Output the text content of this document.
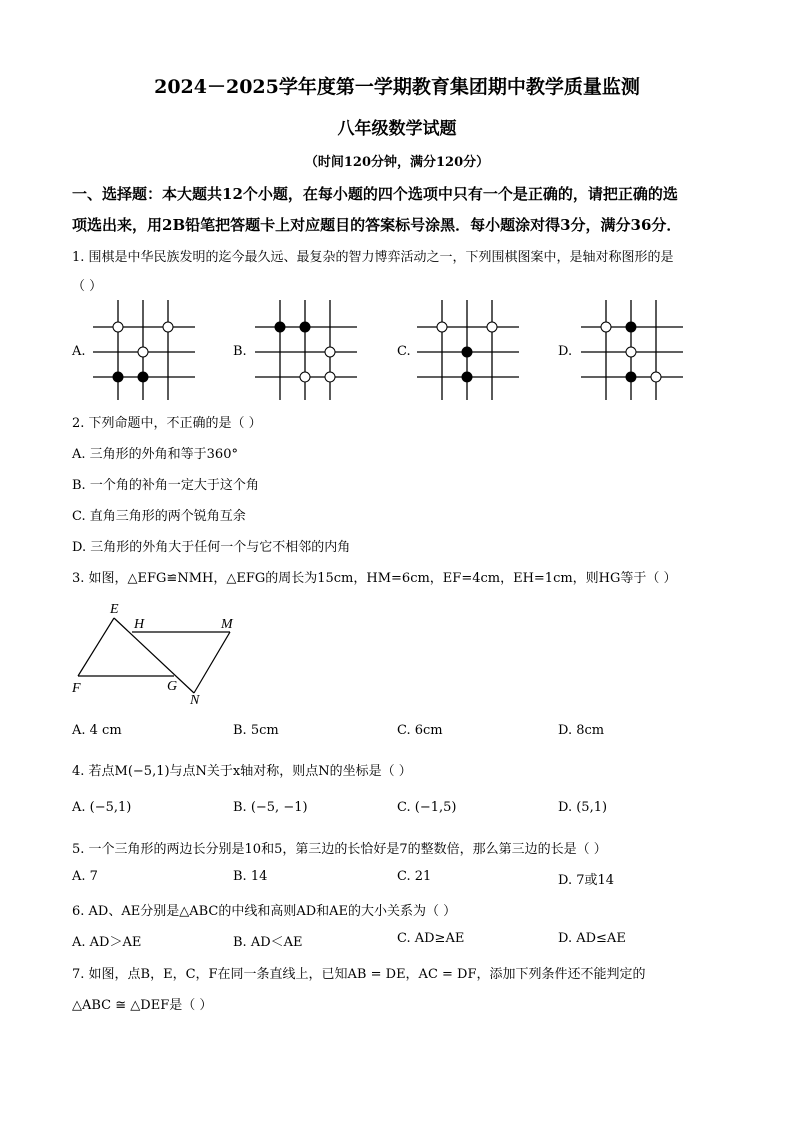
2024－2025学年度第一学期教育集团期中教学质量监测
八年级数学试题
（时间120分钟，满分120分）
一、选择题：本大题共12个小题，在每小题的四个选项中只有一个是正确的，请把正确的选
项选出来，用2B铅笔把答题卡上对应题目的答案标号涂黑．每小题涂对得3分，满分36分．
1. 围棋是中华民族发明的迄今最久远、最复杂的智力博弈活动之一，下列围棋图案中，是轴对称图形的是
（ ）
A.	B.	C.	D.
2. 下列命题中，不正确的是（ ）
A. 三角形的外角和等于360°
B. 一个角的补角一定大于这个角
C. 直角三角形的两个锐角互余
D. 三角形的外角大于任何一个与它不相邻的内角
3. 如图，△EFG≌NMH，△EFG的周长为15cm，HM=6cm，EF=4cm，EH=1cm，则HG等于（ ）
E
H	M
F	G
N
A. 4 cm	B. 5cm	C. 6cm	D. 8cm
4. 若点M(−5,1)与点N关于x轴对称，则点N的坐标是（ ）
A. (−5,1)	B. (−5, −1)	C. (−1,5)	D. (5,1)
5. 一个三角形的两边长分别是10和5，第三边的长恰好是7的整数倍，那么第三边的长是（ ）
A. 7	B. 14	C. 21	D. 7或14
6. AD、AE分别是△ABC的中线和高则AD和AE的大小关系为（ ）
A. AD＞AE	B. AD＜AE	C. AD≥AE	D. AD≤AE
7. 如图，点B，E，C，F在同一条直线上，已知AB = DE，AC = DF，添加下列条件还不能判定的
△ABC ≅ △DEF是（ ）
